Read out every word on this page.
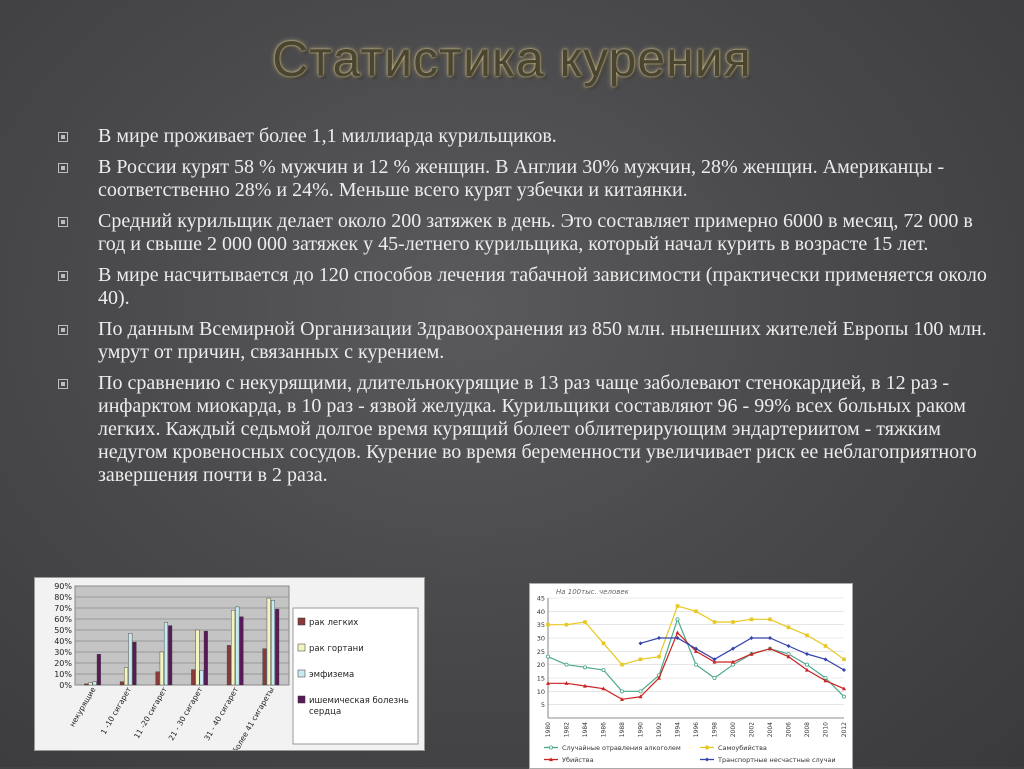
Статистика курения
В мире проживает более 1,1 миллиарда курильщиков.
В России курят 58 % мужчин и 12 % женщин. В Англии 30% мужчин, 28% женщин. Американцы - соответственно 28% и 24%. Меньше всего курят узбечки и китаянки.
Средний курильщик делает около 200 затяжек в день. Это составляет примерно 6000 в месяц, 72 000 в год и свыше 2 000 000 затяжек у 45-летнего курильщика, который начал курить в возрасте 15 лет.
В мире насчитывается до 120 способов лечения табачной зависимости (практически применяется около 40).
По данным Всемирной Организации Здравоохранения из 850 млн. нынешних жителей Европы 100 млн. умрут от причин, связанных с курением.
По сравнению с некурящими, длительнокурящие в 13 раз чаще заболевают стенокардией, в 12 раз - инфарктом миокарда, в 10 раз - язвой желудка. Курильщики составляют 96 - 99% всех больных раком легких. Каждый седьмой долгое время курящий болеет облитерирующим эндартериитом - тяжким недугом кровеносных сосудов. Курение во время беременности увеличивает риск ее неблагоприятного завершения почти в 2 раза.
0%
10%
20%
30%
40%
50%
60%
70%
80%
90%
некурящие 1 -10 сигарет
11 -20 сигарет
21 - 30 сигарет
31 - 40 сигарет
более 41 сигареты
рак легких
рак гортани
эмфизема
ишемическая болезнь
сердца
На 100тыс. человек
5
10
15
20
25
30
35
40
45
1980 1982 1984 1986 1988 1990 1992 1994 1996 1998 2000 2002 2004 2006 2008 2010 2012
Случайные отравления алкоголем	Самоубийства
Убийства	Транспортные несчастные случаи
